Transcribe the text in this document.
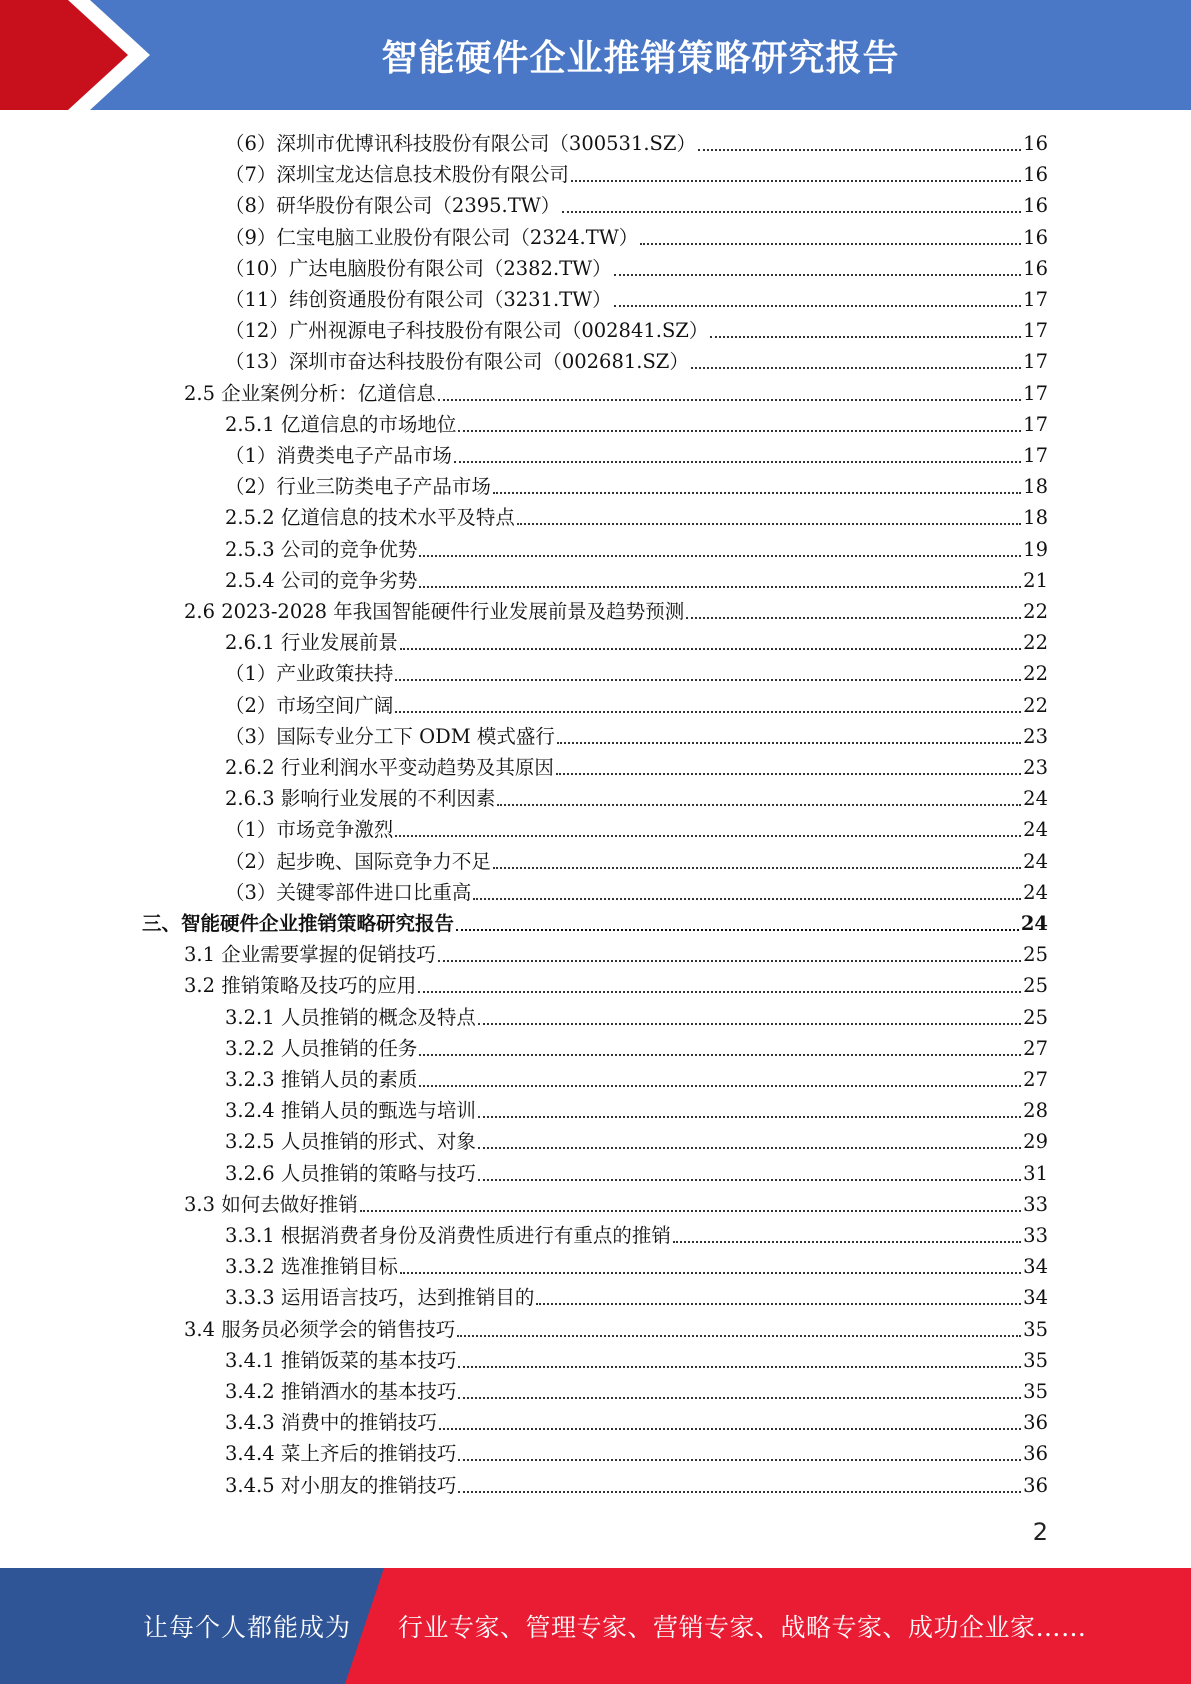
智能硬件企业推销策略研究报告
（6）深圳市优博讯科技股份有限公司（300531.SZ）	16
（7）深圳宝龙达信息技术股份有限公司	16
（8）研华股份有限公司（2395.TW）	16
（9）仁宝电脑工业股份有限公司（2324.TW）	16
（10）广达电脑股份有限公司（2382.TW）	16
（11）纬创资通股份有限公司（3231.TW）	17
（12）广州视源电子科技股份有限公司（002841.SZ）	17
（13）深圳市奋达科技股份有限公司（002681.SZ）	17
2.5 企业案例分析：亿道信息	17
2.5.1 亿道信息的市场地位	17
（1）消费类电子产品市场	17
（2）行业三防类电子产品市场	18
2.5.2 亿道信息的技术水平及特点	18
2.5.3 公司的竞争优势	19
2.5.4 公司的竞争劣势	21
2.6 2023-2028 年我国智能硬件行业发展前景及趋势预测	22
2.6.1 行业发展前景	22
（1）产业政策扶持	22
（2）市场空间广阔	22
（3）国际专业分工下 ODM 模式盛行	23
2.6.2 行业利润水平变动趋势及其原因	23
2.6.3 影响行业发展的不利因素	24
（1）市场竞争激烈	24
（2）起步晚、国际竞争力不足	24
（3）关键零部件进口比重高	24
三、智能硬件企业推销策略研究报告	24
3.1 企业需要掌握的促销技巧	25
3.2 推销策略及技巧的应用	25
3.2.1 人员推销的概念及特点	25
3.2.2 人员推销的任务	27
3.2.3 推销人员的素质	27
3.2.4 推销人员的甄选与培训	28
3.2.5 人员推销的形式、对象	29
3.2.6 人员推销的策略与技巧	31
3.3 如何去做好推销	33
3.3.1 根据消费者身份及消费性质进行有重点的推销	33
3.3.2 选准推销目标	34
3.3.3 运用语言技巧，达到推销目的	34
3.4 服务员必须学会的销售技巧	35
3.4.1 推销饭菜的基本技巧	35
3.4.2 推销酒水的基本技巧	35
3.4.3 消费中的推销技巧	36
3.4.4 菜上齐后的推销技巧	36
3.4.5 对小朋友的推销技巧	36
2
让每个人都能成为 行业专家、管理专家、营销专家、战略专家、成功企业家……
